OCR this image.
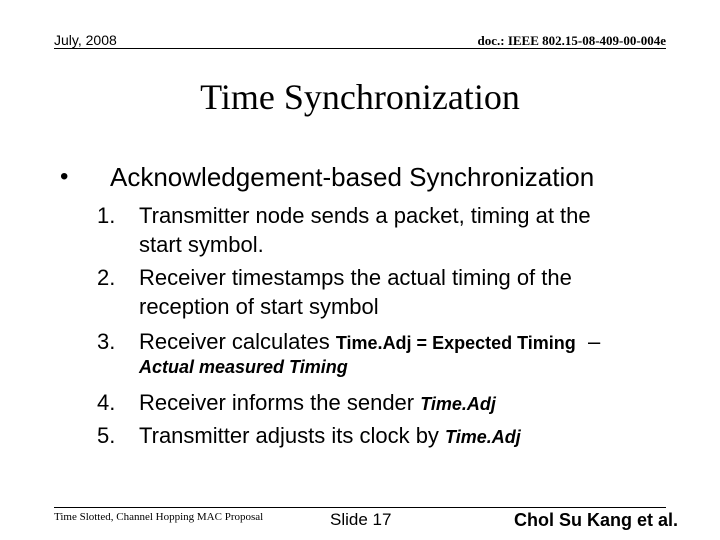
July, 2008	doc.: IEEE 802.15-08-409-00-004e
Time Synchronization
• Acknowledgement-based Synchronization
1. Transmitter node sends a packet, timing at the
start symbol.
2. Receiver timestamps the actual timing of the
reception of start symbol
3. Receiver calculates Time.Adj = Expected Timing –
Actual measured Timing
4. Receiver informs the sender Time.Adj
5. Transmitter adjusts its clock by Time.Adj
Time Slotted, Channel Hopping MAC Proposal	Slide 17	Chol Su Kang et al.
